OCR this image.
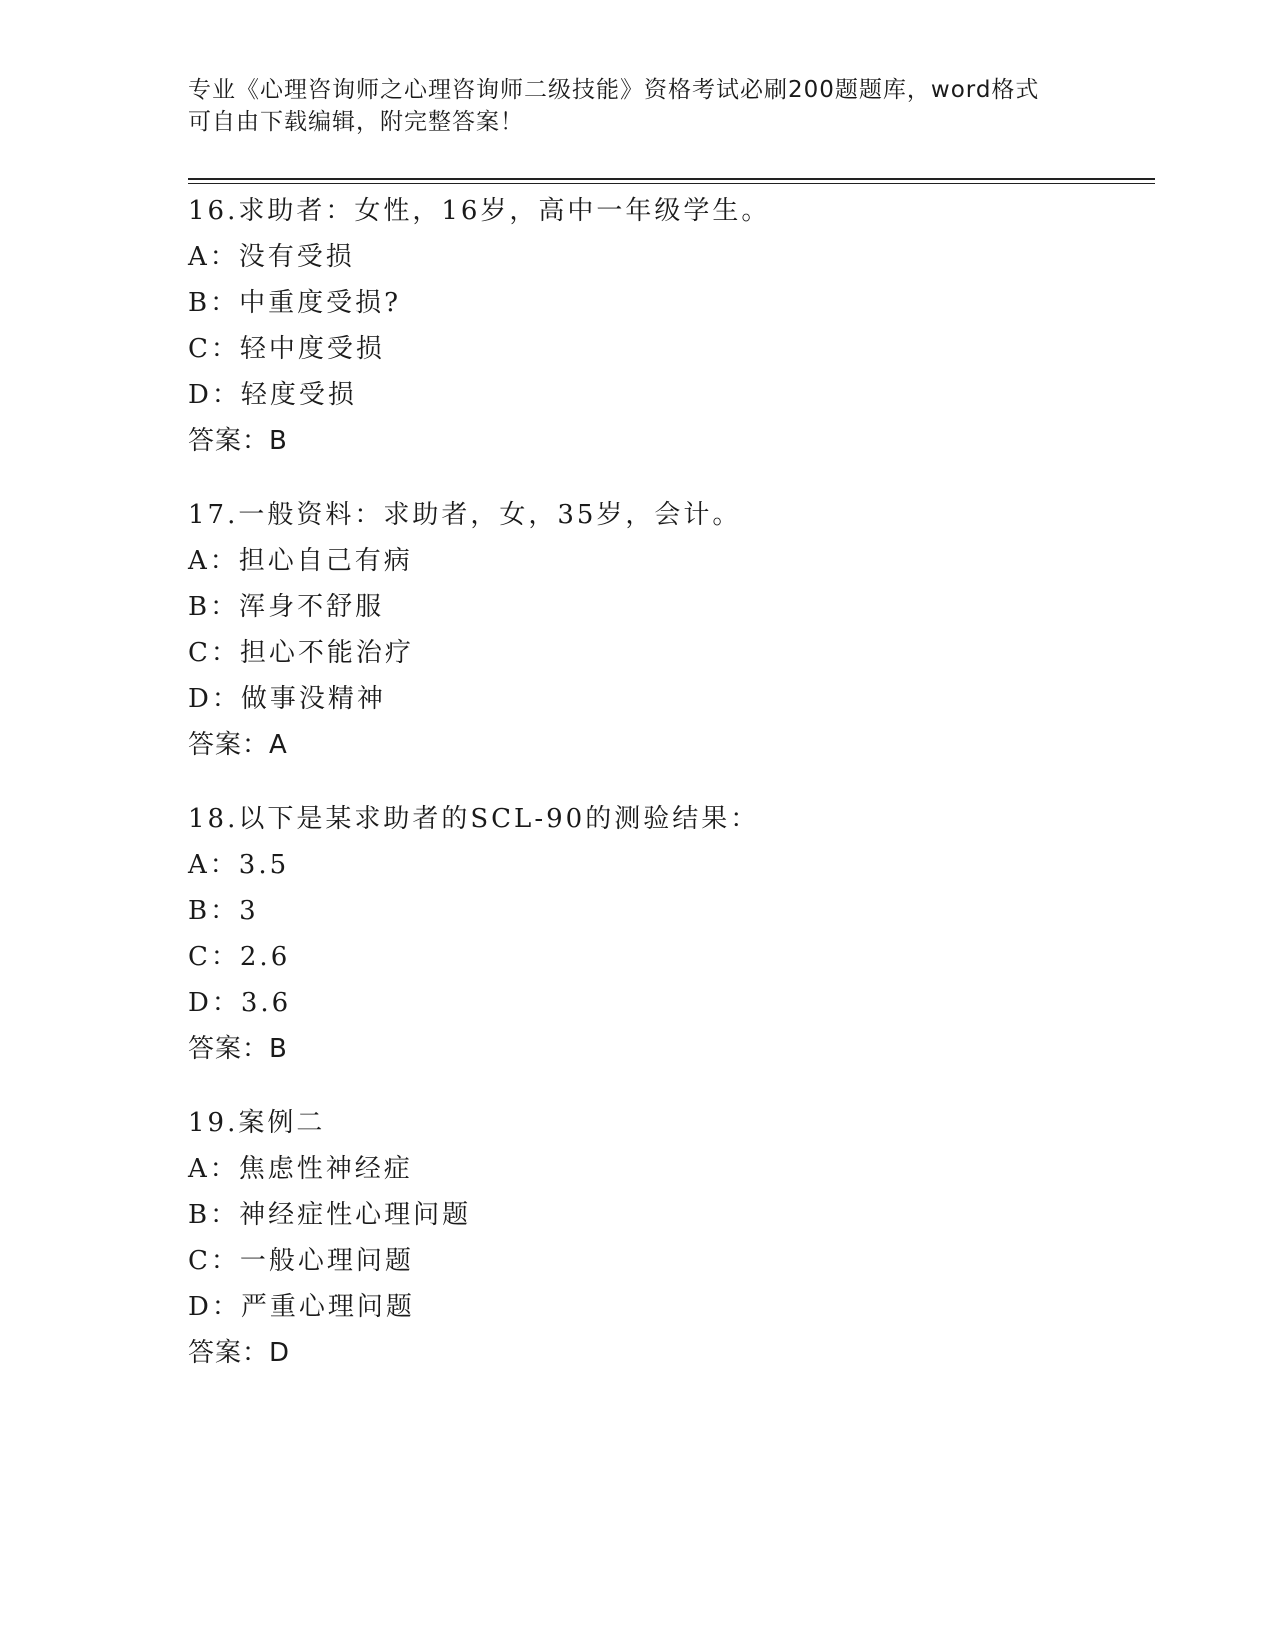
专业《心理咨询师之心理咨询师二级技能》资格考试必刷200题题库，word格式
可自由下载编辑，附完整答案！
16.求助者：女性，16岁，高中一年级学生。
A：没有受损
B：中重度受损?
C：轻中度受损
D：轻度受损
答案：B
17.一般资料：求助者，女，35岁，会计。
A：担心自己有病
B：浑身不舒服
C：担心不能治疗
D：做事没精神
答案：A
18.以下是某求助者的SCL-90的测验结果：
A：3.5
B：3
C：2.6
D：3.6
答案：B
19.案例二
A：焦虑性神经症
B：神经症性心理问题
C：一般心理问题
D：严重心理问题
答案：D
